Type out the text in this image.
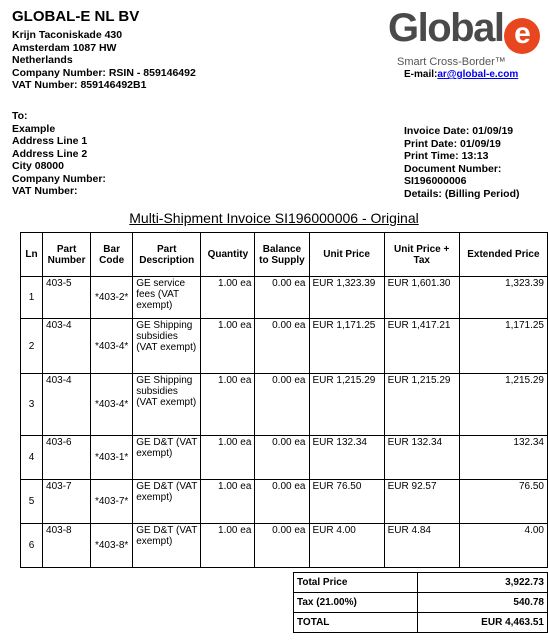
GLOBAL-E NL BV
Krijn Taconiskade 430
Amsterdam 1087 HW
Netherlands
Company Number: RSIN - 859146492
VAT Number: 859146492B1
Global e
Smart Cross-Border™
E-mail:ar@global-e.com
To:
Example
Address Line 1
Address Line 2
City 08000
Company Number:
VAT Number:
Invoice Date: 01/09/19
Print Date: 01/09/19
Print Time: 13:13
Document Number:
SI196000006
Details: (Billing Period)
Multi-Shipment Invoice SI196000006 - Original
Ln	Part Number	Bar Code	Part Description	Quantity	Balance to Supply	Unit Price	Unit Price + Tax	Extended Price
1	403-5	*403-2*	GE service fees (VAT exempt)	1.00 ea	0.00 ea	EUR 1,323.39	EUR 1,601.30	1,323.39
2	403-4	*403-4*	GE Shipping subsidies (VAT exempt)	1.00 ea	0.00 ea	EUR 1,171.25	EUR 1,417.21	1,171.25
3	403-4	*403-4*	GE Shipping subsidies (VAT exempt)	1.00 ea	0.00 ea	EUR 1,215.29	EUR 1,215.29	1,215.29
4	403-6	*403-1*	GE D&T (VAT exempt)	1.00 ea	0.00 ea	EUR 132.34	EUR 132.34	132.34
5	403-7	*403-7*	GE D&T (VAT exempt)	1.00 ea	0.00 ea	EUR 76.50	EUR 92.57	76.50
6	403-8	*403-8*	GE D&T (VAT exempt)	1.00 ea	0.00 ea	EUR 4.00	EUR 4.84	4.00
Total Price	3,922.73
Tax (21.00%)	540.78
TOTAL	EUR 4,463.51
